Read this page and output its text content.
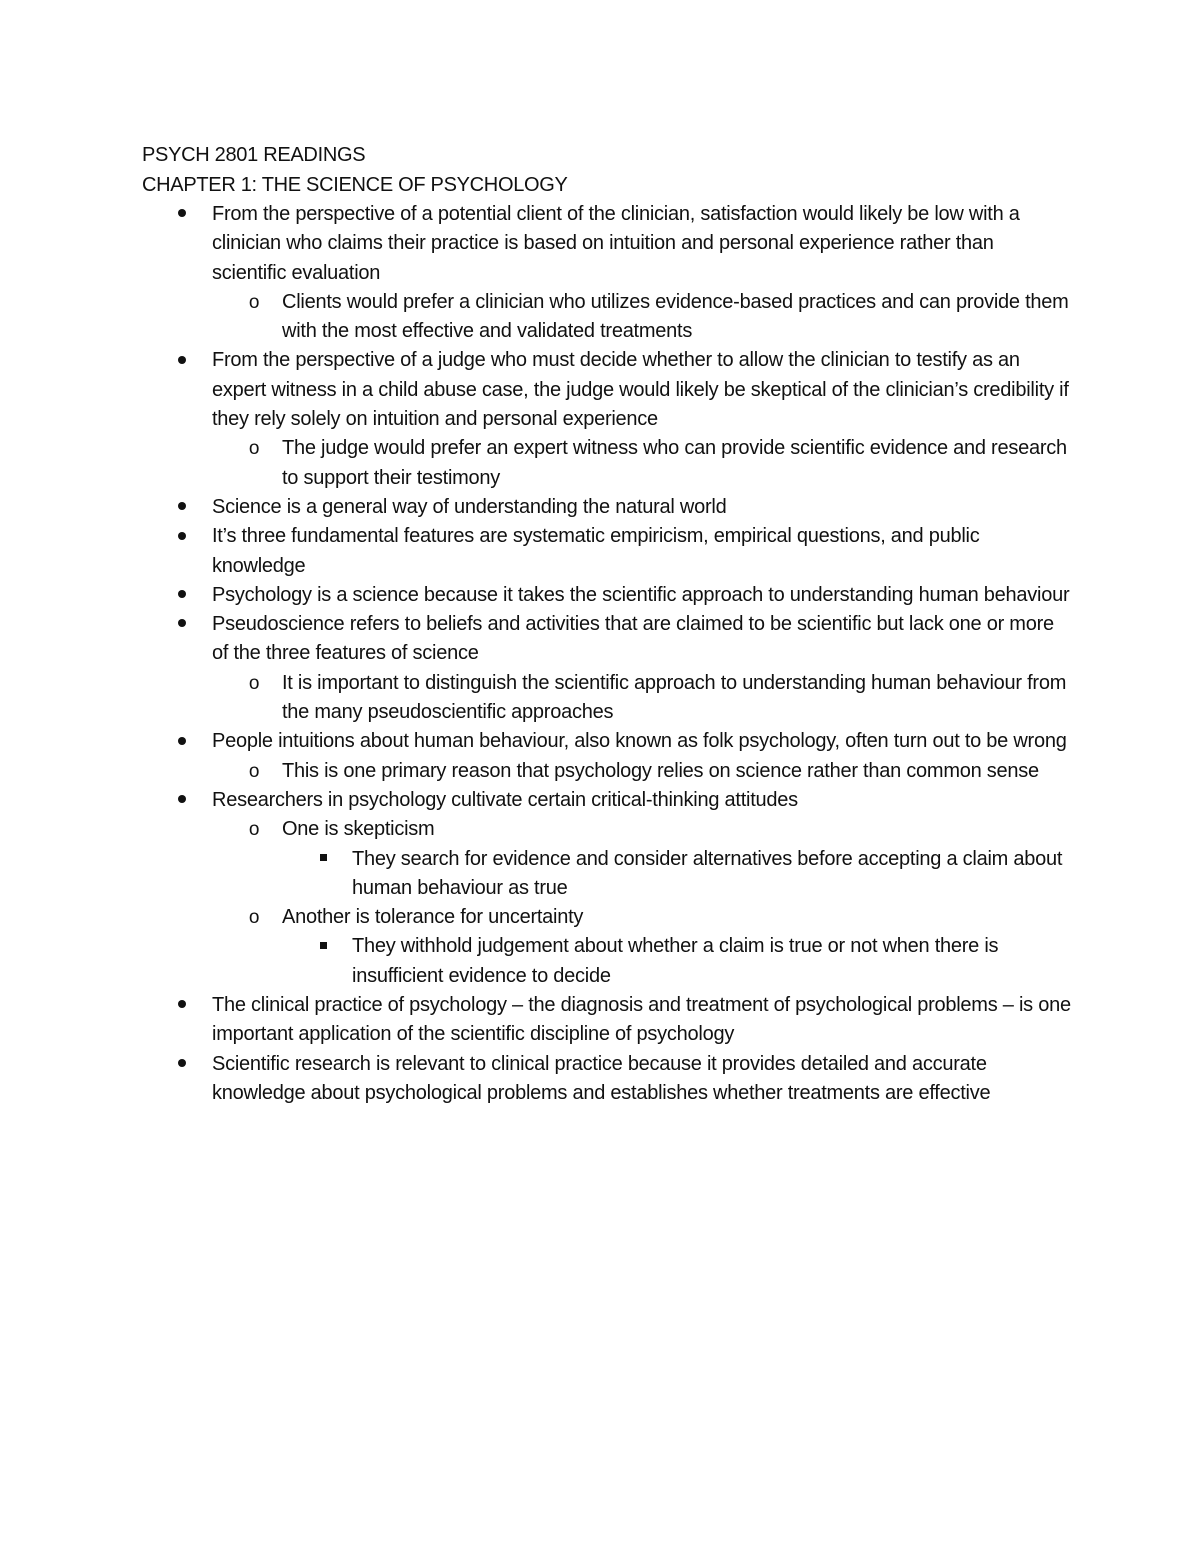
PSYCH 2801 READINGS
CHAPTER 1: THE SCIENCE OF PSYCHOLOGY
From the perspective of a potential client of the clinician, satisfaction would likely be low with a clinician who claims their practice is based on intuition and personal experience rather than scientific evaluation
o	Clients would prefer a clinician who utilizes evidence-based practices and can provide them with the most effective and validated treatments
From the perspective of a judge who must decide whether to allow the clinician to testify as an expert witness in a child abuse case, the judge would likely be skeptical of the clinician’s credibility if they rely solely on intuition and personal experience
o	The judge would prefer an expert witness who can provide scientific evidence and research to support their testimony
Science is a general way of understanding the natural world
It’s three fundamental features are systematic empiricism, empirical questions, and public knowledge
Psychology is a science because it takes the scientific approach to understanding human behaviour
Pseudoscience refers to beliefs and activities that are claimed to be scientific but lack one or more of the three features of science
o	It is important to distinguish the scientific approach to understanding human behaviour from the many pseudoscientific approaches
People intuitions about human behaviour, also known as folk psychology, often turn out to be wrong
o	This is one primary reason that psychology relies on science rather than common sense
Researchers in psychology cultivate certain critical-thinking attitudes
o	One is skepticism
They search for evidence and consider alternatives before accepting a claim about human behaviour as true
o	Another is tolerance for uncertainty
They withhold judgement about whether a claim is true or not when there is insufficient evidence to decide
The clinical practice of psychology – the diagnosis and treatment of psychological problems – is one important application of the scientific discipline of psychology
Scientific research is relevant to clinical practice because it provides detailed and accurate knowledge about psychological problems and establishes whether treatments are effective
